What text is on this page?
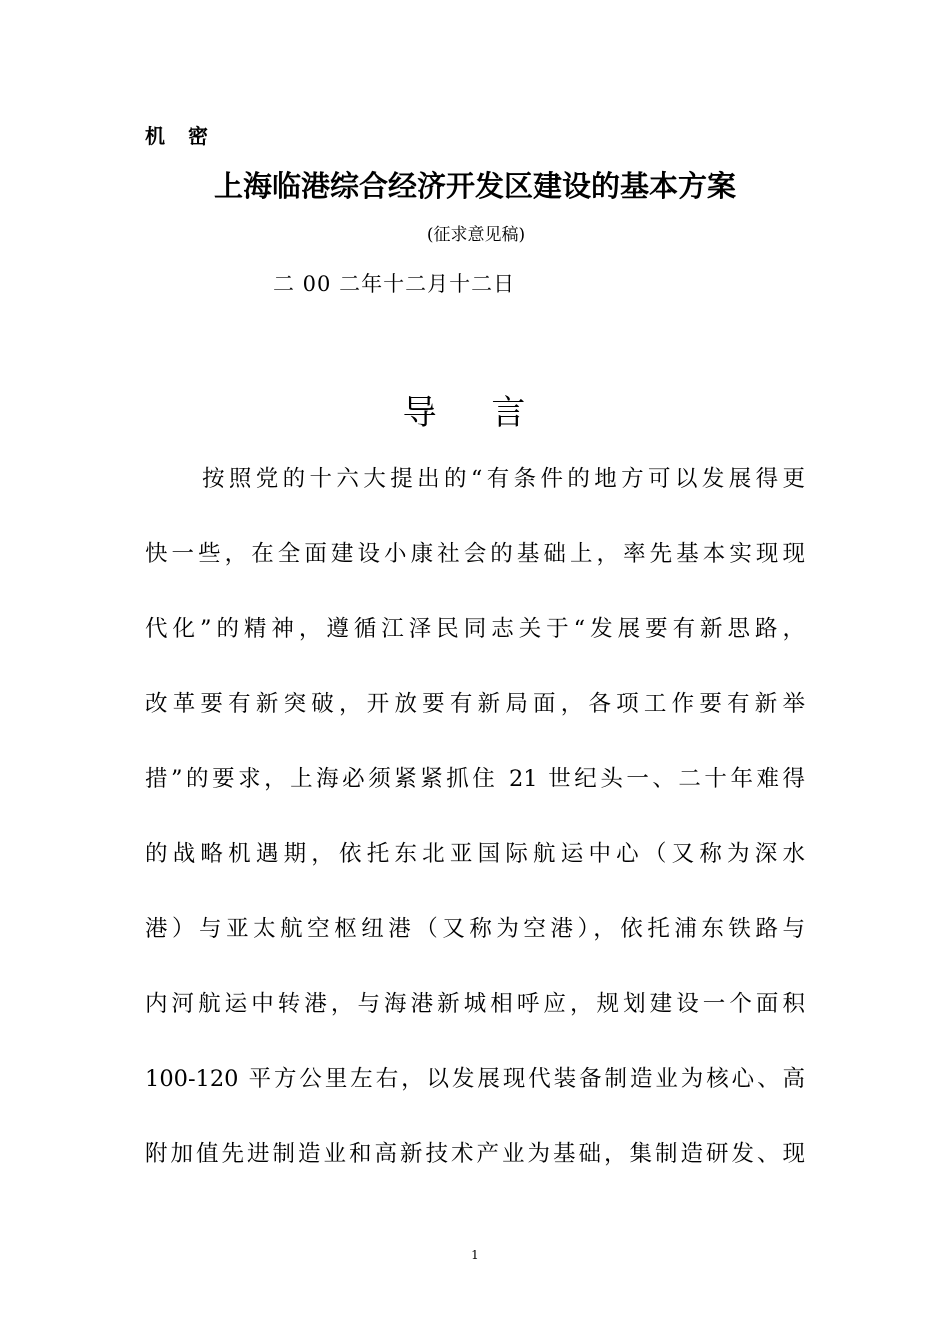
机 密
上海临港综合经济开发区建设的基本方案
(征求意见稿)
二 00 二年十二月十二日
导 言
按照党的十六大提出的“有条件的地方可以发展得更
快一些，在全面建设小康社会的基础上，率先基本实现现
代化”的精神，遵循江泽民同志关于“发展要有新思路，
改革要有新突破，开放要有新局面，各项工作要有新举
措”的要求，上海必须紧紧抓住 21 世纪头一、二十年难得
的战略机遇期，依托东北亚国际航运中心（又称为深水
港）与亚太航空枢纽港（又称为空港），依托浦东铁路与
内河航运中转港，与海港新城相呼应，规划建设一个面积
100-120 平方公里左右，以发展现代装备制造业为核心、高
附加值先进制造业和高新技术产业为基础，集制造研发、现
1
